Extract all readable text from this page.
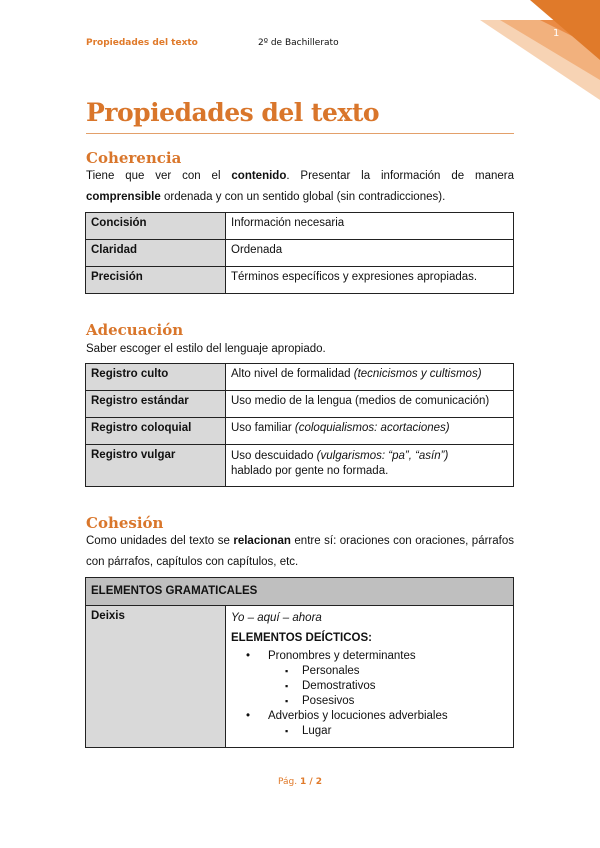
1
Propiedades del texto	2º de Bachillerato
Propiedades del texto
Coherencia

Tiene que ver con el contenido. Presentar la información de manera comprensible ordenada y con un sentido global (sin contradicciones).

Concisión	Información necesaria
Claridad	Ordenada
Precisión	Términos específicos y expresiones apropiadas.
Adecuación

Saber escoger el estilo del lenguaje apropiado.

Registro culto	Alto nivel de formalidad (tecnicismos y cultismos)
Registro estándar	Uso medio de la lengua (medios de comunicación)
Registro coloquial	Uso familiar (coloquialismos: acortaciones)
Registro vulgar	Uso descuidado (vulgarismos: “pa”, “asín”)
hablado por gente no formada.
Cohesión

Como unidades del texto se relacionan entre sí: oraciones con oraciones, párrafos con párrafos, capítulos con capítulos, etc.

ELEMENTOS GRAMATICALES
Deixis	Yo – aquí – ahora
ELEMENTOS DEÍCTICOS:
• Pronombres y determinantes
▪ Personales
▪ Demostrativos
▪ Posesivos
• Adverbios y locuciones adverbiales
▪ Lugar
Pág. 1 / 2
